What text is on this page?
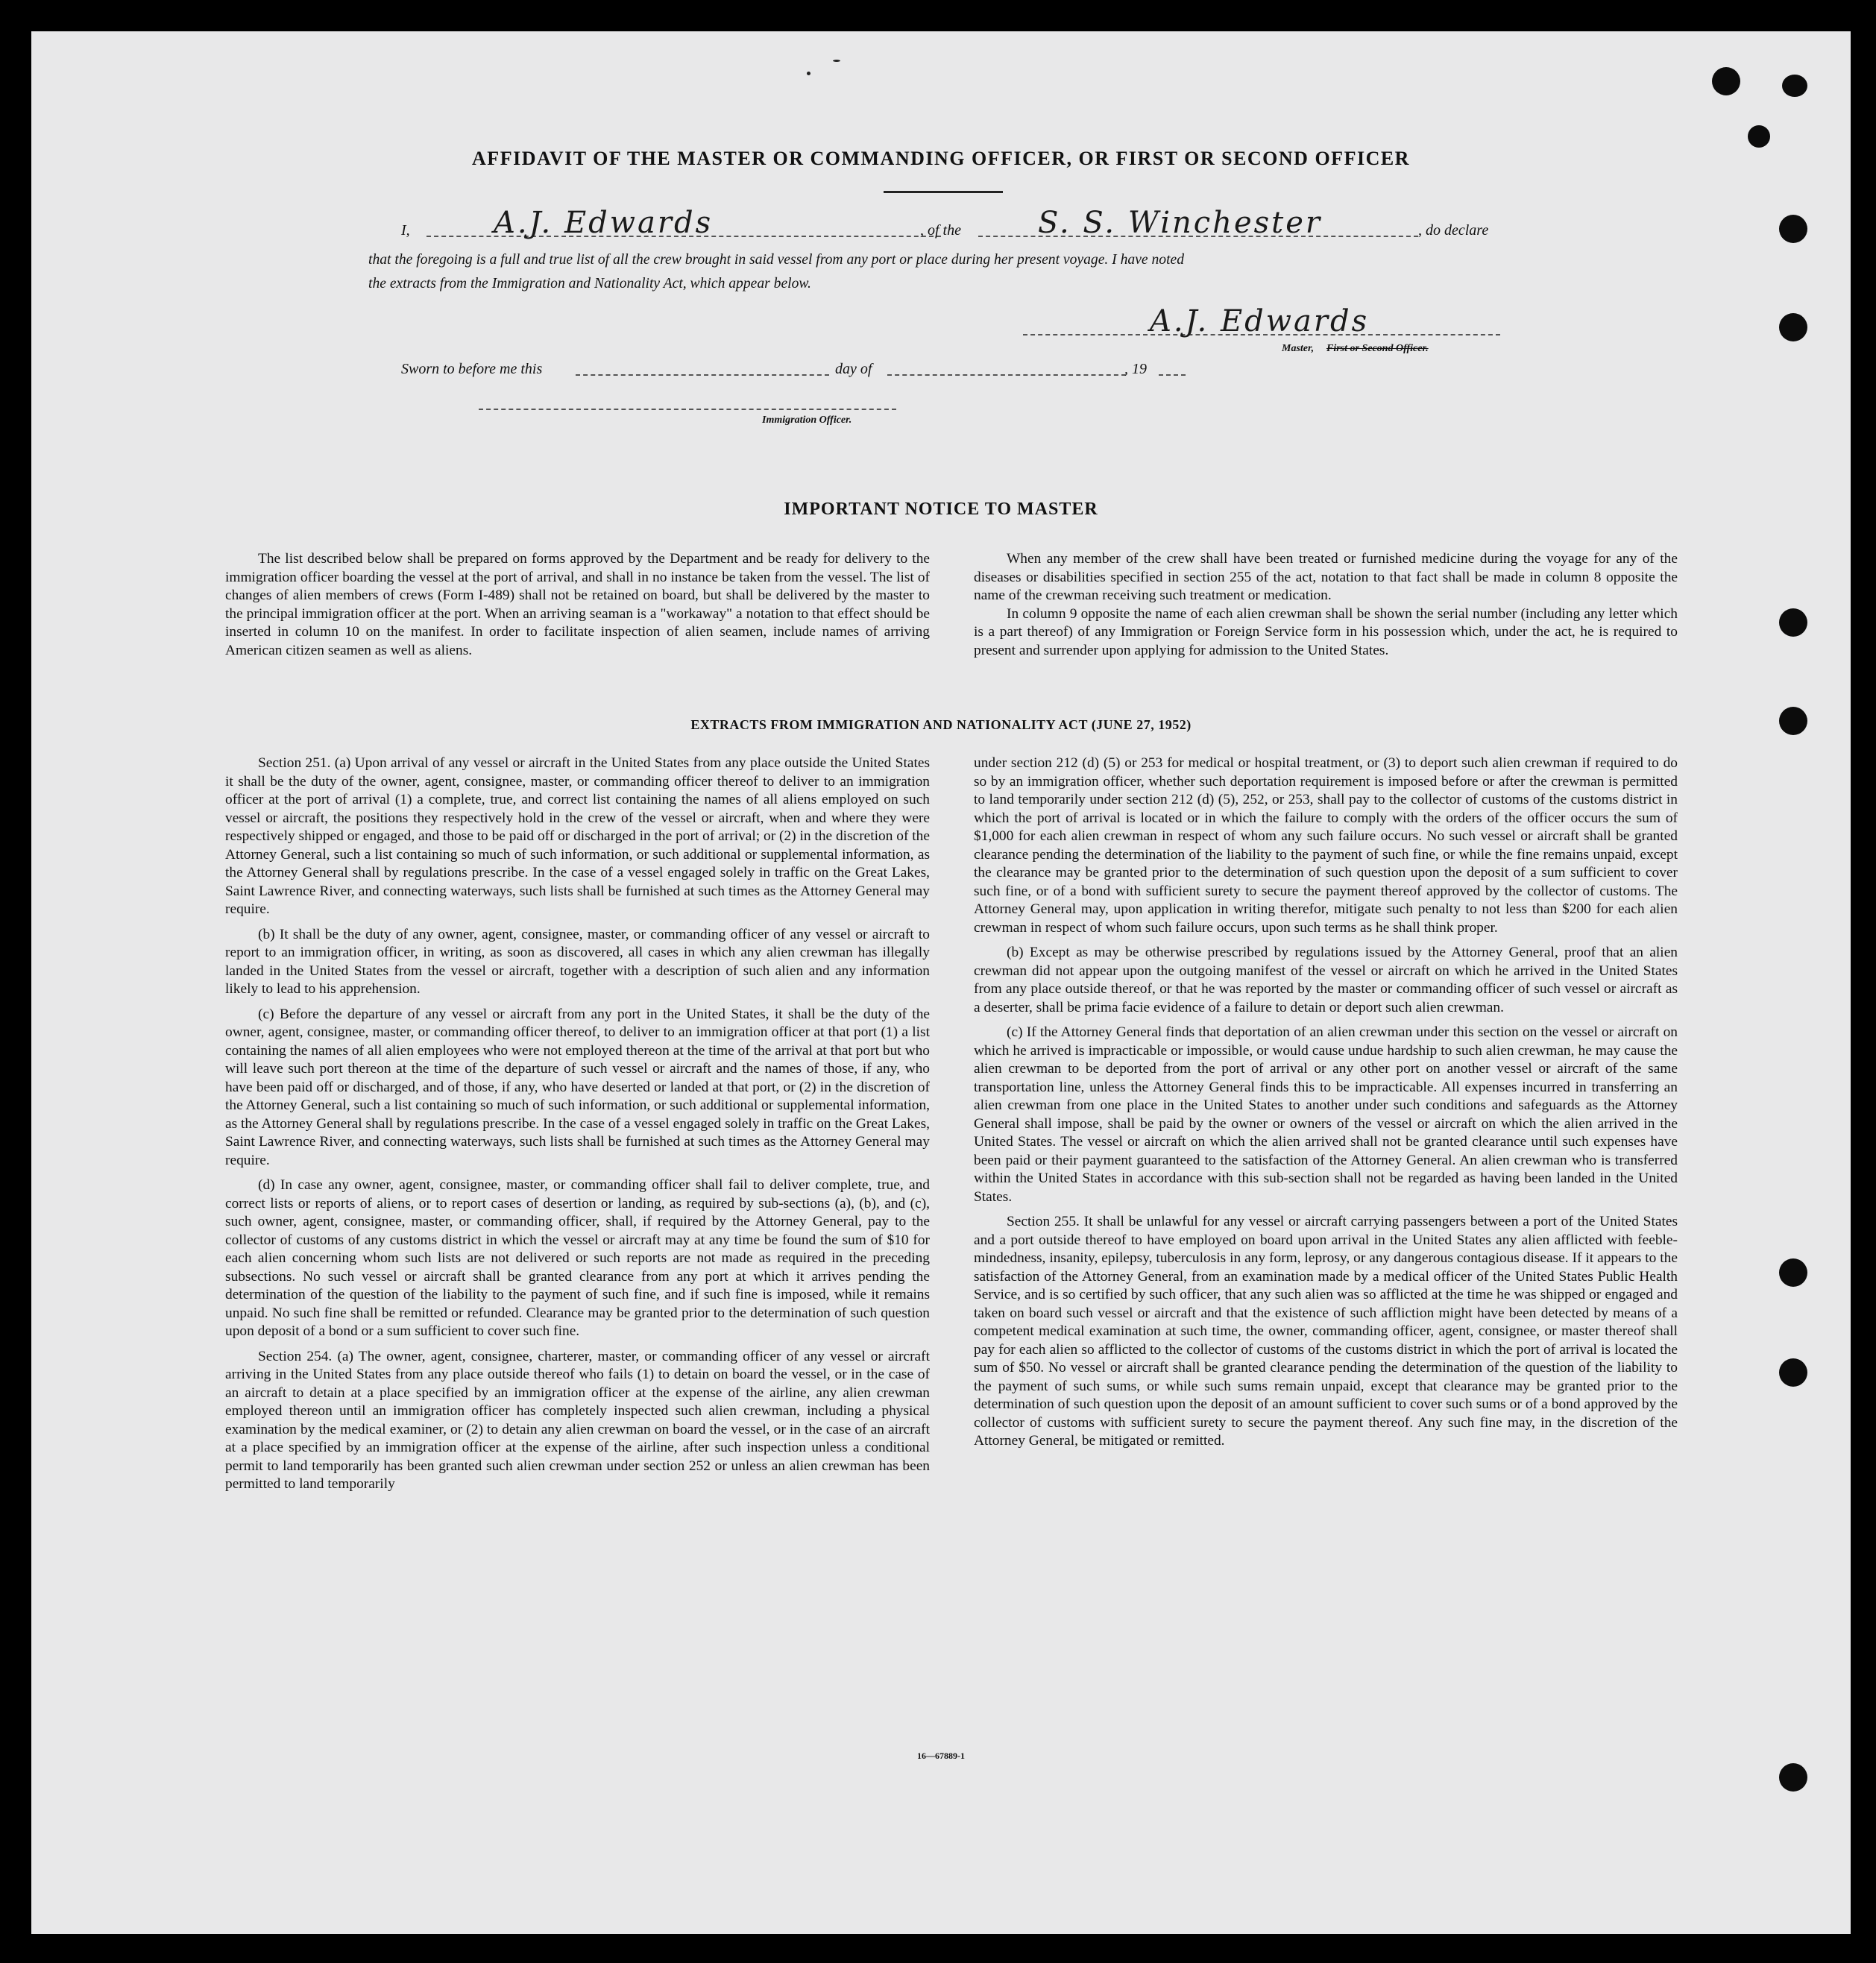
AFFIDAVIT OF THE MASTER OR COMMANDING OFFICER, OR FIRST OR SECOND OFFICER
I,	A.J. Edwards	, of the	S. S. Winchester	, do declare
that the foregoing is a full and true list of all the crew brought in said vessel from any port or place during her present voyage. I have noted
the extracts from the Immigration and Nationality Act, which appear below.
A.J. Edwards
Master, First or Second Officer.
Sworn to before me this	day of	, 19
Immigration Officer.
IMPORTANT NOTICE TO MASTER

The list described below shall be prepared on forms approved by the Department and be ready for delivery to the immigration officer boarding the vessel at the port of arrival, and shall in no instance be taken from the vessel. The list of changes of alien members of crews (Form I-489) shall not be retained on board, but shall be delivered by the master to the principal immigration officer at the port. When an arriving seaman is a "workaway" a notation to that effect should be inserted in column 10 on the manifest. In order to facilitate inspection of alien seamen, include names of arriving American citizen seamen as well as aliens.

When any member of the crew shall have been treated or furnished medicine during the voyage for any of the diseases or disabilities specified in section 255 of the act, notation to that fact shall be made in column 8 opposite the name of the crewman receiving such treatment or medication.

In column 9 opposite the name of each alien crewman shall be shown the serial number (including any letter which is a part thereof) of any Immigration or Foreign Service form in his possession which, under the act, he is required to present and surrender upon applying for admission to the United States.

EXTRACTS FROM IMMIGRATION AND NATIONALITY ACT (JUNE 27, 1952)

Section 251. (a) Upon arrival of any vessel or aircraft in the United States from any place outside the United States it shall be the duty of the owner, agent, consignee, master, or commanding officer thereof to deliver to an immigration officer at the port of arrival (1) a complete, true, and correct list containing the names of all aliens employed on such vessel or aircraft, the positions they respectively hold in the crew of the vessel or aircraft, when and where they were respectively shipped or engaged, and those to be paid off or discharged in the port of arrival; or (2) in the discretion of the Attorney General, such a list containing so much of such information, or such additional or supplemental information, as the Attorney General shall by regulations prescribe. In the case of a vessel engaged solely in traffic on the Great Lakes, Saint Lawrence River, and connecting waterways, such lists shall be furnished at such times as the Attorney General may require.

(b) It shall be the duty of any owner, agent, consignee, master, or commanding officer of any vessel or aircraft to report to an immigration officer, in writing, as soon as discovered, all cases in which any alien crewman has illegally landed in the United States from the vessel or aircraft, together with a description of such alien and any information likely to lead to his apprehension.

(c) Before the departure of any vessel or aircraft from any port in the United States, it shall be the duty of the owner, agent, consignee, master, or commanding officer thereof, to deliver to an immigration officer at that port (1) a list containing the names of all alien employees who were not employed thereon at the time of the arrival at that port but who will leave such port thereon at the time of the departure of such vessel or aircraft and the names of those, if any, who have been paid off or discharged, and of those, if any, who have deserted or landed at that port, or (2) in the discretion of the Attorney General, such a list containing so much of such information, or such additional or supplemental information, as the Attorney General shall by regulations prescribe. In the case of a vessel engaged solely in traffic on the Great Lakes, Saint Lawrence River, and connecting waterways, such lists shall be furnished at such times as the Attorney General may require.

(d) In case any owner, agent, consignee, master, or commanding officer shall fail to deliver complete, true, and correct lists or reports of aliens, or to report cases of desertion or landing, as required by sub-sections (a), (b), and (c), such owner, agent, consignee, master, or commanding officer, shall, if required by the Attorney General, pay to the collector of customs of any customs district in which the vessel or aircraft may at any time be found the sum of $10 for each alien concerning whom such lists are not delivered or such reports are not made as required in the preceding subsections. No such vessel or aircraft shall be granted clearance from any port at which it arrives pending the determination of the question of the liability to the payment of such fine, and if such fine is imposed, while it remains unpaid. No such fine shall be remitted or refunded. Clearance may be granted prior to the determination of such question upon deposit of a bond or a sum sufficient to cover such fine.

Section 254. (a) The owner, agent, consignee, charterer, master, or commanding officer of any vessel or aircraft arriving in the United States from any place outside thereof who fails (1) to detain on board the vessel, or in the case of an aircraft to detain at a place specified by an immigration officer at the expense of the airline, any alien crewman employed thereon until an immigration officer has completely inspected such alien crewman, including a physical examination by the medical examiner, or (2) to detain any alien crewman on board the vessel, or in the case of an aircraft at a place specified by an immigration officer at the expense of the airline, after such inspection unless a conditional permit to land temporarily has been granted such alien crewman under section 252 or unless an alien crewman has been permitted to land temporarily

under section 212 (d) (5) or 253 for medical or hospital treatment, or (3) to deport such alien crewman if required to do so by an immigration officer, whether such deportation requirement is imposed before or after the crewman is permitted to land temporarily under section 212 (d) (5), 252, or 253, shall pay to the collector of customs of the customs district in which the port of arrival is located or in which the failure to comply with the orders of the officer occurs the sum of $1,000 for each alien crewman in respect of whom any such failure occurs. No such vessel or aircraft shall be granted clearance pending the determination of the liability to the payment of such fine, or while the fine remains unpaid, except the clearance may be granted prior to the determination of such question upon the deposit of a sum sufficient to cover such fine, or of a bond with sufficient surety to secure the payment thereof approved by the collector of customs. The Attorney General may, upon application in writing therefor, mitigate such penalty to not less than $200 for each alien crewman in respect of whom such failure occurs, upon such terms as he shall think proper.

(b) Except as may be otherwise prescribed by regulations issued by the Attorney General, proof that an alien crewman did not appear upon the outgoing manifest of the vessel or aircraft on which he arrived in the United States from any place outside thereof, or that he was reported by the master or commanding officer of such vessel or aircraft as a deserter, shall be prima facie evidence of a failure to detain or deport such alien crewman.

(c) If the Attorney General finds that deportation of an alien crewman under this section on the vessel or aircraft on which he arrived is impracticable or impossible, or would cause undue hardship to such alien crewman, he may cause the alien crewman to be deported from the port of arrival or any other port on another vessel or aircraft of the same transportation line, unless the Attorney General finds this to be impracticable. All expenses incurred in transferring an alien crewman from one place in the United States to another under such conditions and safeguards as the Attorney General shall impose, shall be paid by the owner or owners of the vessel or aircraft on which the alien arrived in the United States. The vessel or aircraft on which the alien arrived shall not be granted clearance until such expenses have been paid or their payment guaranteed to the satisfaction of the Attorney General. An alien crewman who is transferred within the United States in accordance with this sub-section shall not be regarded as having been landed in the United States.

Section 255. It shall be unlawful for any vessel or aircraft carrying passengers between a port of the United States and a port outside thereof to have employed on board upon arrival in the United States any alien afflicted with feeble-mindedness, insanity, epilepsy, tuberculosis in any form, leprosy, or any dangerous contagious disease. If it appears to the satisfaction of the Attorney General, from an examination made by a medical officer of the United States Public Health Service, and is so certified by such officer, that any such alien was so afflicted at the time he was shipped or engaged and taken on board such vessel or aircraft and that the existence of such affliction might have been detected by means of a competent medical examination at such time, the owner, commanding officer, agent, consignee, or master thereof shall pay for each alien so afflicted to the collector of customs of the customs district in which the port of arrival is located the sum of $50. No vessel or aircraft shall be granted clearance pending the determination of the question of the liability to the payment of such sums, or while such sums remain unpaid, except that clearance may be granted prior to the determination of such question upon the deposit of an amount sufficient to cover such sums or of a bond approved by the collector of customs with sufficient surety to secure the payment thereof. Any such fine may, in the discretion of the Attorney General, be mitigated or remitted.

16—67889-1
